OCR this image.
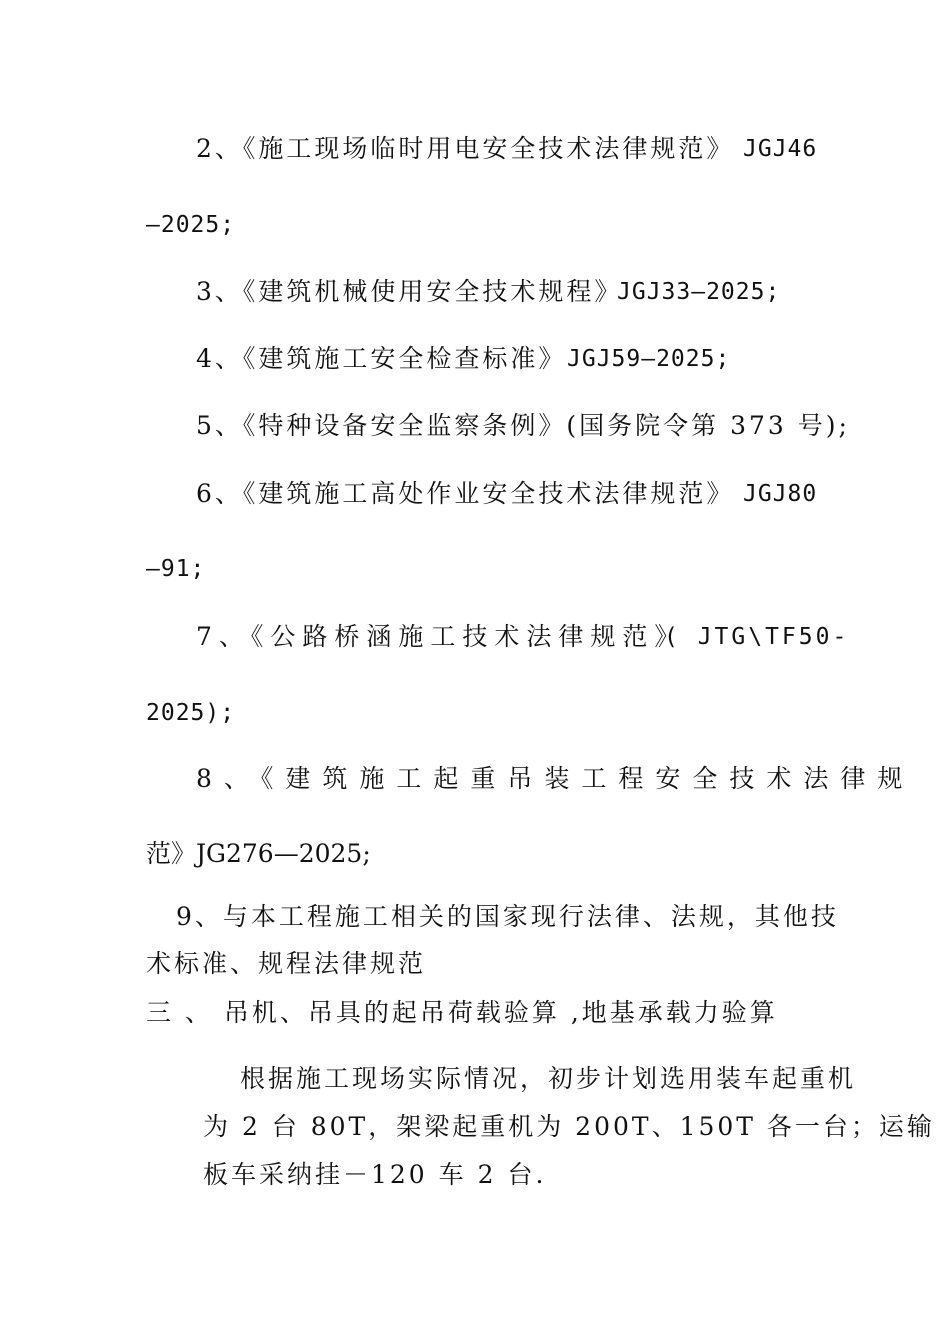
2、《施工现场临时用电安全技术法律规范》 JGJ46
—2025;
3、《建筑机械使用安全技术规程》
JGJ33—2025;
4、《建筑施工安全检查标准》 JGJ59—2025;
5、《特种设备安全监察条例》(国务院令第 373 号);
6、《建筑施工高处作业安全技术法律规范》 JGJ80
—91;
7、《公路桥涵施工技术法律规范》
( JTG\TF50-
2025);
8、《建筑施工起重吊装工程安全技术法律规
范》JG276—2025;
9、与本工程施工相关的国家现行法律、法规，其他技
术标准、规程法律规范
三 、 吊机、吊具的起吊荷载验算 ,地基承载力验算
根据施工现场实际情况，初步计划选用装车起重机
为 2 台 80T，架梁起重机为 200T、150T 各一台；运输
板车采纳挂－120 车 2 台.
